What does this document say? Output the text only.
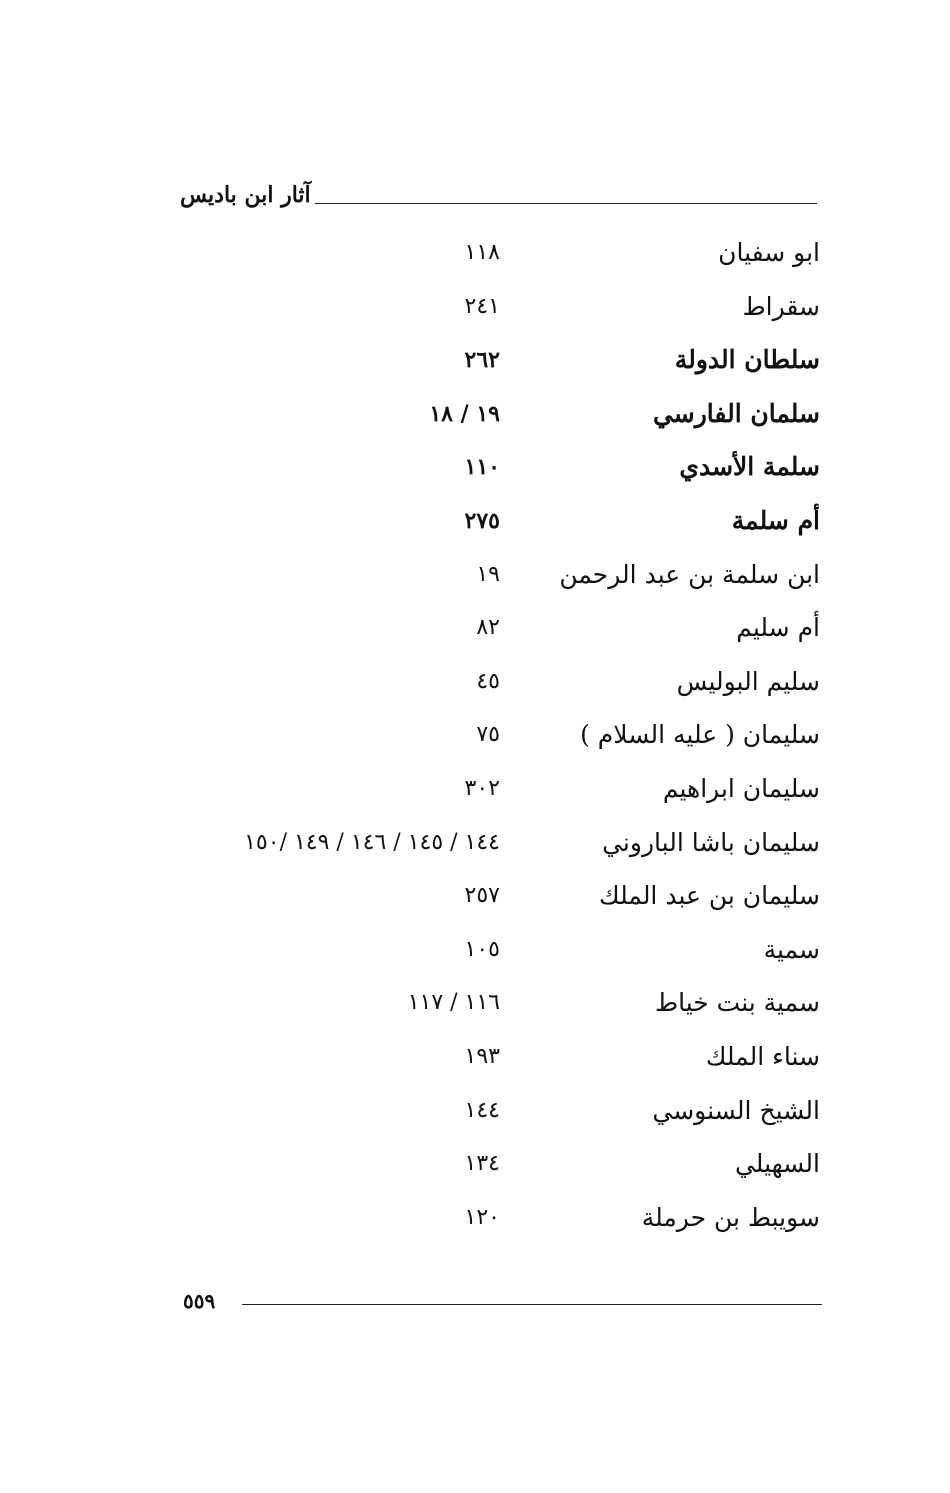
آثار ابن باديس
ابو سفيان
١١٨
سقراط
٢٤١
سلطان الدولة
٢٦٢
سلمان الفارسي
١٩ / ١٨
سلمة الأسدي
١١٠
أم سلمة
٢٧٥
ابن سلمة بن عبد الرحمن
١٩
أم سليم
٨٢
سليم البوليس
٤٥
سليمان ( عليه السلام )
٧٥
سليمان ابراهيم
٣٠٢
سليمان باشا الباروني
١٤٤ / ١٤٥ / ١٤٦ / ١٤٩ /١٥٠
سليمان بن عبد الملك
٢٥٧
سمية
١٠٥
سمية بنت خياط
١١٦ / ١١٧
سناء الملك
١٩٣
الشيخ السنوسي
١٤٤
السهيلي
١٣٤
سويبط بن حرملة
١٢٠
٥٥٩
